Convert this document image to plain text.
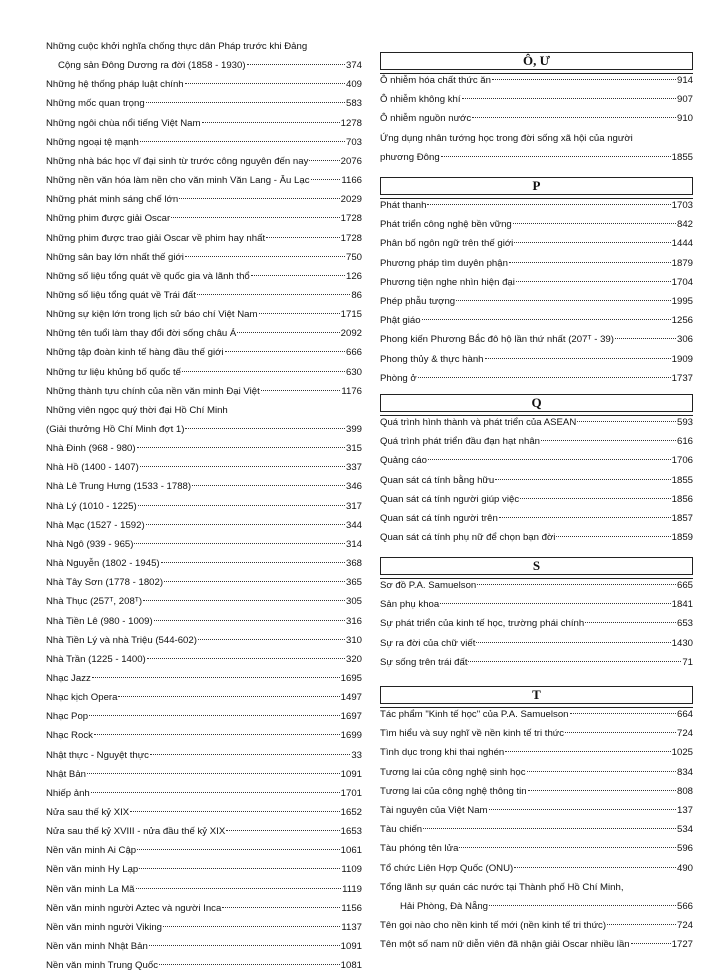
Những cuộc khởi nghĩa chống thực dân Pháp trước khi Đảng
Cộng sản Đông Dương ra đời (1858 - 1930)	374
Những hệ thống pháp luật chính	409
Những mốc quan trọng	583
Những ngôi chùa nổi tiếng Việt Nam	1278
Những ngoại tệ mạnh	703
Những nhà bác học vĩ đại sinh từ trước công nguyên đến nay	2076
Những nền văn hóa làm nền cho văn minh Văn Lang - Âu Lạc	1166
Những phát minh sáng chế lớn	2029
Những phim được giải Oscar	1728
Những phim được trao giải Oscar về phim hay nhất	1728
Những sân bay lớn nhất thế giới	750
Những số liệu tổng quát về quốc gia và lãnh thổ	126
Những số liệu tổng quát về Trái đất	86
Những sự kiện lớn trong lịch sử báo chí Việt Nam	1715
Những tên tuổi làm thay đổi đời sống châu Á	2092
Những tập đoàn kinh tế hàng đầu thế giới	666
Những tư liệu khủng bố quốc tế	630
Những thành tựu chính của nền văn minh Đại Việt	1176
Những viên ngọc quý thời đại Hồ Chí Minh
(Giải thưởng Hồ Chí Minh đợt 1)	399
Nhà Đinh (968 - 980)	315
Nhà Hồ (1400 - 1407)	337
Nhà Lê Trung Hưng (1533 - 1788)	346
Nhà Lý (1010 - 1225)	317
Nhà Mạc (1527 - 1592)	344
Nhà Ngô (939 - 965)	314
Nhà Nguyễn (1802 - 1945)	368
Nhà Tây Sơn (1778 - 1802)	365
Nhà Thục (257ᵀ, 208ᵀ)	305
Nhà Tiền Lê (980 - 1009)	316
Nhà Tiền Lý và nhà Triệu (544-602)	310
Nhà Trần (1225 - 1400)	320
Nhạc Jazz	1695
Nhạc kịch Opera	1497
Nhạc Pop	1697
Nhạc Rock	1699
Nhật thực - Nguyệt thực	33
Nhật Bản	1091
Nhiếp ảnh	1701
Nửa sau thế kỷ XIX	1652
Nửa sau thế kỷ XVIII - nửa đầu thế kỷ XIX	1653
Nền văn minh Ai Cập	1061
Nền văn minh Hy Lạp	1109
Nền văn minh La Mã	1119
Nền văn minh người Aztec và người Inca	1156
Nền văn minh người Viking	1137
Nền văn minh Nhật Bản	1091
Nền văn minh Trung Quốc	1081
Ô, Ư
Ô nhiễm hóa chất thức ăn	914
Ô nhiễm không khí	907
Ô nhiễm nguồn nước	910
Ứng dụng nhân tướng học trong đời sống xã hội của người
phương Đông	1855
P
Phát thanh	1703
Phát triển công nghệ bền vững	842
Phân bố ngôn ngữ trên thế giới	1444
Phương pháp tìm duyên phận	1879
Phương tiện nghe nhìn hiện đại	1704
Phép phẫu tượng	1995
Phật giáo	1256
Phong kiến Phương Bắc đô hộ lần thứ nhất (207ᵀ - 39)	306
Phong thủy & thực hành	1909
Phòng ở	1737
Q
Quá trình hình thành và phát triển của ASEAN	593
Quá trình phát triển đầu đạn hạt nhân	616
Quảng cáo	1706
Quan sát cá tính bằng hữu	1855
Quan sát cá tính người giúp việc	1856
Quan sát cá tính người trên	1857
Quan sát cá tính phụ nữ để chọn bạn đời	1859
S
Sơ đồ P.A. Samuelson	665
Sản phụ khoa	1841
Sự phát triển của kinh tế học, trường phái chính	653
Sự ra đời của chữ viết	1430
Sự sống trên trái đất	71
T
Tác phẩm "Kinh tế học" của P.A. Samuelson	664
Tìm hiểu và suy nghĩ về nền kinh tế tri thức	724
Tình dục trong khi thai nghén	1025
Tương lai của công nghệ sinh học	834
Tương lai của công nghệ thông tin	808
Tài nguyên của Việt Nam	137
Tàu chiến	534
Tàu phóng tên lửa	596
Tổ chức Liên Hợp Quốc (ONU)	490
Tổng lãnh sự quán các nước tại Thành phố Hồ Chí Minh,
Hải Phòng, Đà Nẵng	566
Tên gọi nào cho nền kinh tế mới (nền kinh tế tri thức)	724
Tên một số nam nữ diễn viên đã nhận giải Oscar nhiều lần	1727
